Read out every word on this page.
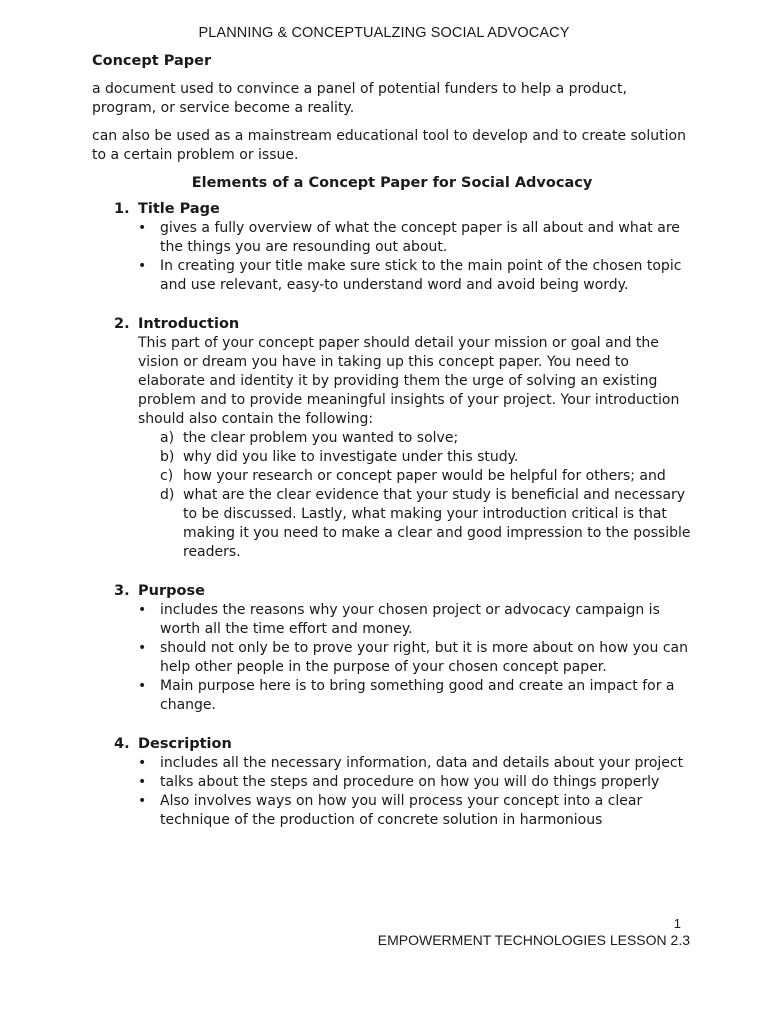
PLANNING & CONCEPTUALZING SOCIAL ADVOCACY
Concept Paper

a document used to convince a panel of potential funders to help a product, program, or service become a reality.

can also be used as a mainstream educational tool to develop and to create solution to a certain problem or issue.

Elements of a Concept Paper for Social Advocacy
1. Title Page
• gives a fully overview of what the concept paper is all about and what are the things you are resounding out about.
• In creating your title make sure stick to the main point of the chosen topic and use relevant, easy-to understand word and avoid being wordy.
2. Introduction
This part of your concept paper should detail your mission or goal and the vision or dream you have in taking up this concept paper. You need to elaborate and identity it by providing them the urge of solving an existing problem and to provide meaningful insights of your project. Your introduction should also contain the following:
a) the clear problem you wanted to solve;
b) why did you like to investigate under this study.
c) how your research or concept paper would be helpful for others; and
d) what are the clear evidence that your study is beneficial and necessary to be discussed. Lastly, what making your introduction critical is that making it you need to make a clear and good impression to the possible readers.
3. Purpose
• includes the reasons why your chosen project or advocacy campaign is worth all the time effort and money.
• should not only be to prove your right, but it is more about on how you can help other people in the purpose of your chosen concept paper.
• Main purpose here is to bring something good and create an impact for a change.
4. Description
• includes all the necessary information, data and details about your project
• talks about the steps and procedure on how you will do things properly
• Also involves ways on how you will process your concept into a clear technique of the production of concrete solution in harmonious
1
EMPOWERMENT TECHNOLOGIES LESSON 2.3
